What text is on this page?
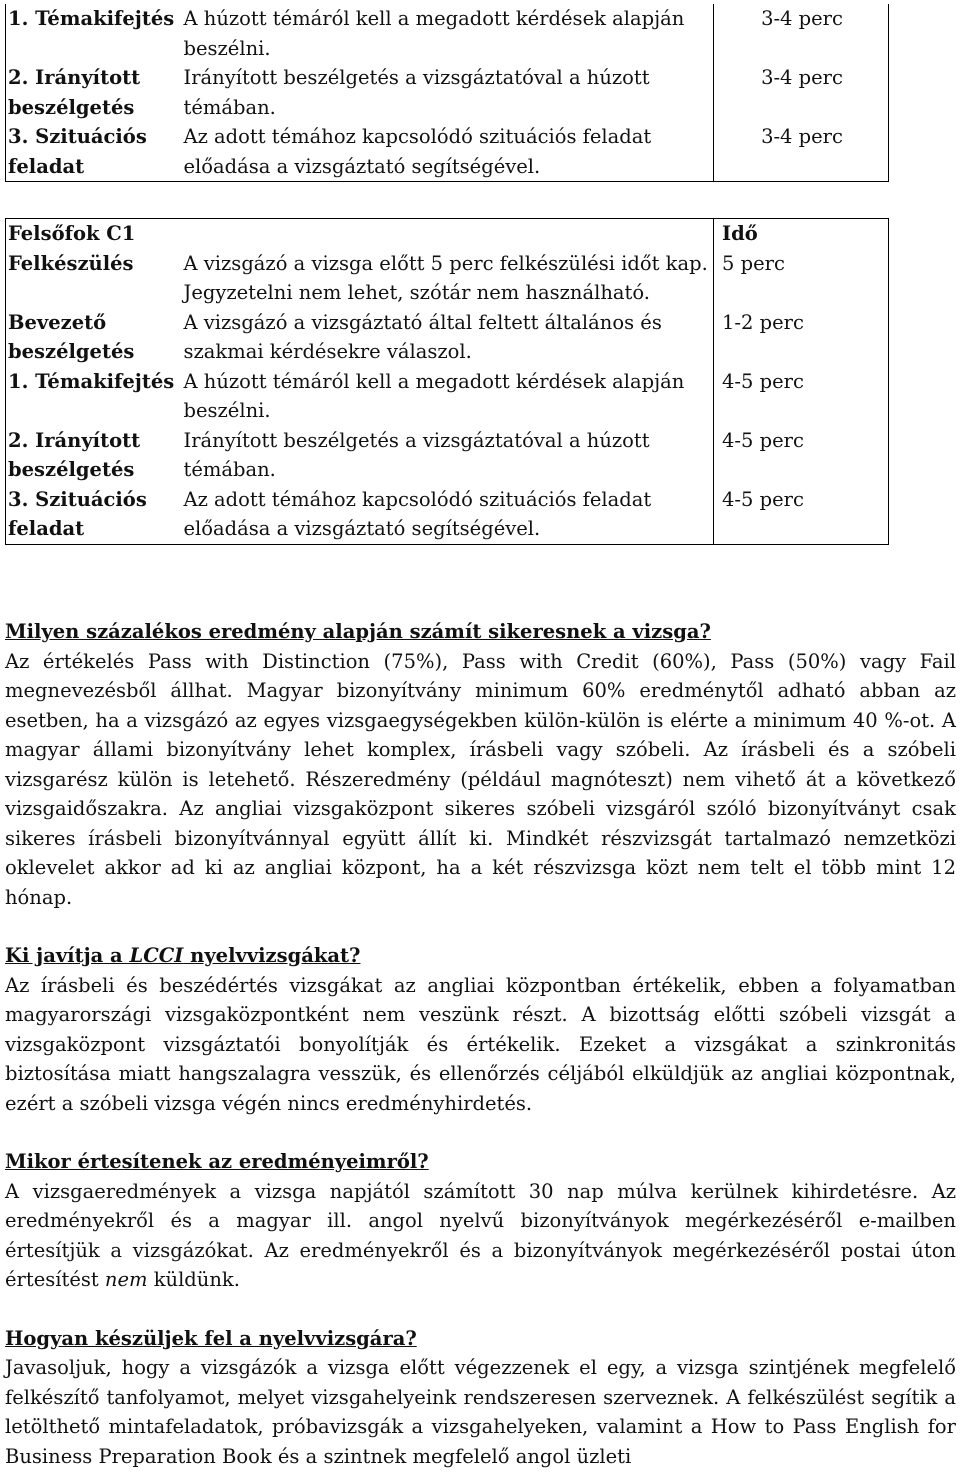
1. Témakifejtés	A húzott témáról kell a megadott kérdések alapján beszélni.	3-4 perc
2. Irányított beszélgetés	Irányított beszélgetés a vizsgáztatóval a húzott témában.	3-4 perc
3. Szituációs feladat	Az adott témához kapcsolódó szituációs feladat előadása a vizsgáztató segítségével.	3-4 perc
Felsőfok C1		Idő
Felkészülés	A vizsgázó a vizsga előtt 5 perc felkészülési időt kap. Jegyzetelni nem lehet, szótár nem használható.	5 perc
Bevezető beszélgetés	A vizsgázó a vizsgáztató által feltett általános és szakmai kérdésekre válaszol.	1-2 perc
1. Témakifejtés	A húzott témáról kell a megadott kérdések alapján beszélni.	4-5 perc
2. Irányított beszélgetés	Irányított beszélgetés a vizsgáztatóval a húzott témában.	4-5 perc
3. Szituációs feladat	Az adott témához kapcsolódó szituációs feladat előadása a vizsgáztató segítségével.	4-5 perc
Milyen százalékos eredmény alapján számít sikeresnek a vizsga?

Az értékelés Pass with Distinction (75%), Pass with Credit (60%), Pass (50%) vagy Fail megnevezésből állhat. Magyar bizonyítvány minimum 60% eredménytől adható abban az esetben, ha a vizsgázó az egyes vizsgaegységekben külön-külön is elérte a minimum 40 %-ot. A magyar állami bizonyítvány lehet komplex, írásbeli vagy szóbeli. Az írásbeli és a szóbeli vizsgarész külön is letehető. Részeredmény (például magnóteszt) nem vihető át a következő vizsgaidőszakra. Az angliai vizsgaközpont sikeres szóbeli vizsgáról szóló bizonyítványt csak sikeres írásbeli bizonyítvánnyal együtt állít ki. Mindkét részvizsgát tartalmazó nemzetközi oklevelet akkor ad ki az angliai központ, ha a két részvizsga közt nem telt el több mint 12 hónap.

Ki javítja a LCCI nyelvvizsgákat?

Az írásbeli és beszédértés vizsgákat az angliai központban értékelik, ebben a folyamatban magyarországi vizsgaközpontként nem veszünk részt. A bizottság előtti szóbeli vizsgát a vizsgaközpont vizsgáztatói bonyolítják és értékelik. Ezeket a vizsgákat a szinkronitás biztosítása miatt hangszalagra vesszük, és ellenőrzés céljából elküldjük az angliai központnak, ezért a szóbeli vizsga végén nincs eredményhirdetés.

Mikor értesítenek az eredményeimről?

A vizsgaeredmények a vizsga napjától számított 30 nap múlva kerülnek kihirdetésre. Az eredményekről és a magyar ill. angol nyelvű bizonyítványok megérkezéséről e-mailben értesítjük a vizsgázókat. Az eredményekről és a bizonyítványok megérkezéséről postai úton értesítést nem küldünk.

Hogyan készüljek fel a nyelvvizsgára?

Javasoljuk, hogy a vizsgázók a vizsga előtt végezzenek el egy, a vizsga szintjének megfelelő felkészítő tanfolyamot, melyet vizsgahelyeink rendszeresen szerveznek. A felkészülést segítik a letölthető mintafeladatok, próbavizsgák a vizsgahelyeken, valamint a How to Pass English for Business Preparation Book és a szintnek megfelelő angol üzleti
